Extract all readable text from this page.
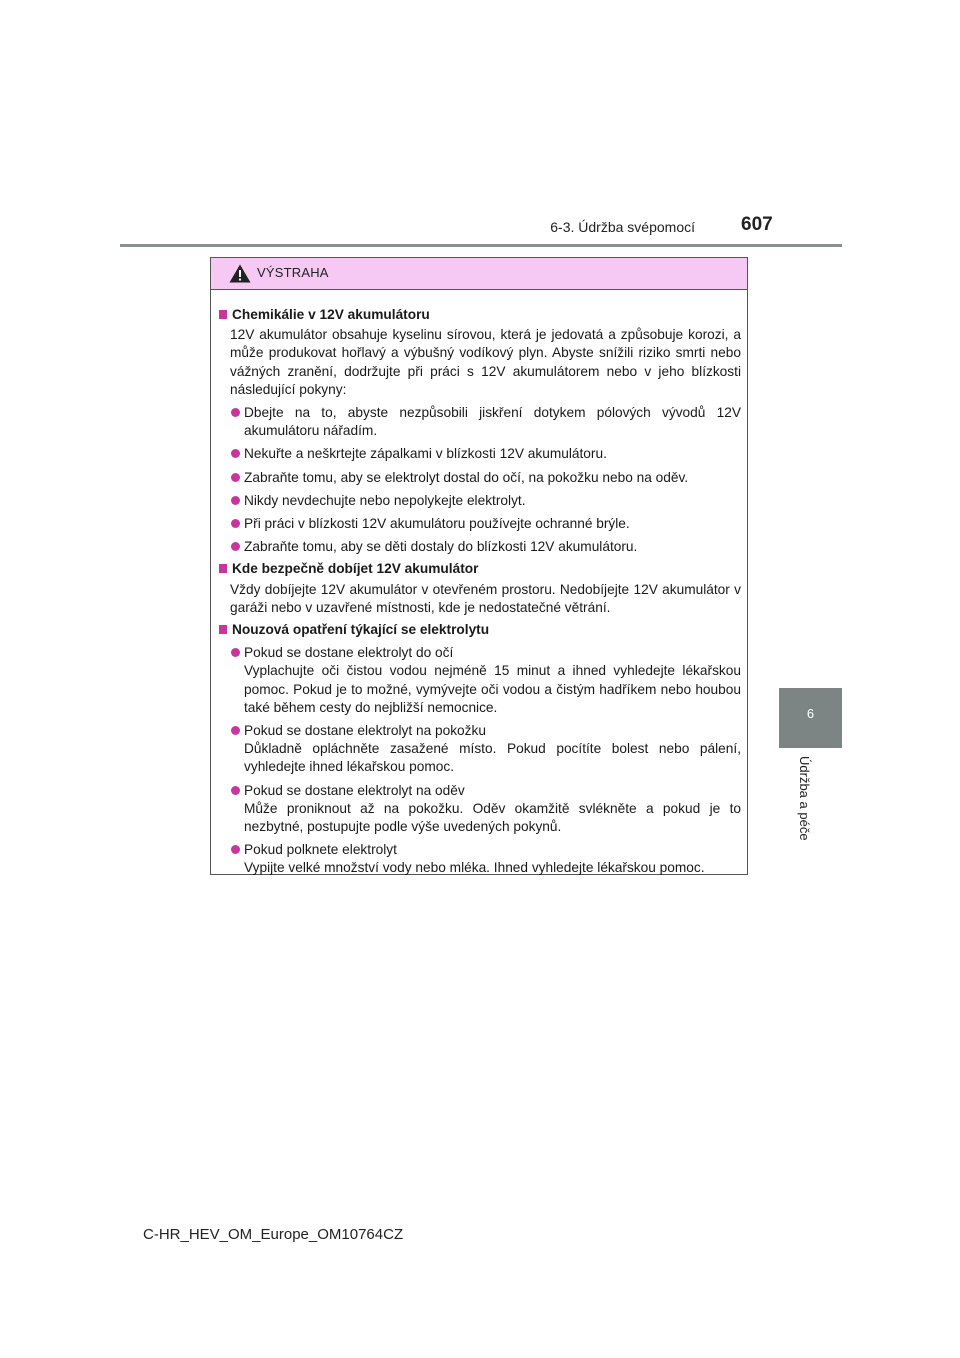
6-3. Údržba svépomocí 607
6
Údržba a péče
VÝSTRAHA
Chemikálie v 12V akumulátoru

12V akumulátor obsahuje kyselinu sírovou, která je jedovatá a způsobuje korozi, a může produkovat hořlavý a výbušný vodíkový plyn. Abyste snížili riziko smrti nebo vážných zranění, dodržujte při práci s 12V akumulátorem nebo v jeho blízkosti následující pokyny:

Dbejte na to, abyste nezpůsobili jiskření dotykem pólových vývodů 12V akumulátoru nářadím.
Nekuřte a neškrtejte zápalkami v blízkosti 12V akumulátoru.
Zabraňte tomu, aby se elektrolyt dostal do očí, na pokožku nebo na oděv.
Nikdy nevdechujte nebo nepolykejte elektrolyt.
Při práci v blízkosti 12V akumulátoru používejte ochranné brýle.
Zabraňte tomu, aby se děti dostaly do blízkosti 12V akumulátoru.
Kde bezpečně dobíjet 12V akumulátor

Vždy dobíjejte 12V akumulátor v otevřeném prostoru. Nedobíjejte 12V akumulátor v garáži nebo v uzavřené místnosti, kde je nedostatečné větrání.

Nouzová opatření týkající se elektrolytu
Pokud se dostane elektrolyt do očí
Vyplachujte oči čistou vodou nejméně 15 minut a ihned vyhledejte lékařskou pomoc. Pokud je to možné, vymývejte oči vodou a čistým hadříkem nebo houbou také během cesty do nejbližší nemocnice.
Pokud se dostane elektrolyt na pokožku
Důkladně opláchněte zasažené místo. Pokud pocítíte bolest nebo pálení, vyhledejte ihned lékařskou pomoc.
Pokud se dostane elektrolyt na oděv
Může proniknout až na pokožku. Oděv okamžitě svlékněte a pokud je to nezbytné, postupujte podle výše uvedených pokynů.
Pokud polknete elektrolyt
Vypijte velké množství vody nebo mléka. Ihned vyhledejte lékařskou pomoc.
C-HR_HEV_OM_Europe_OM10764CZ
